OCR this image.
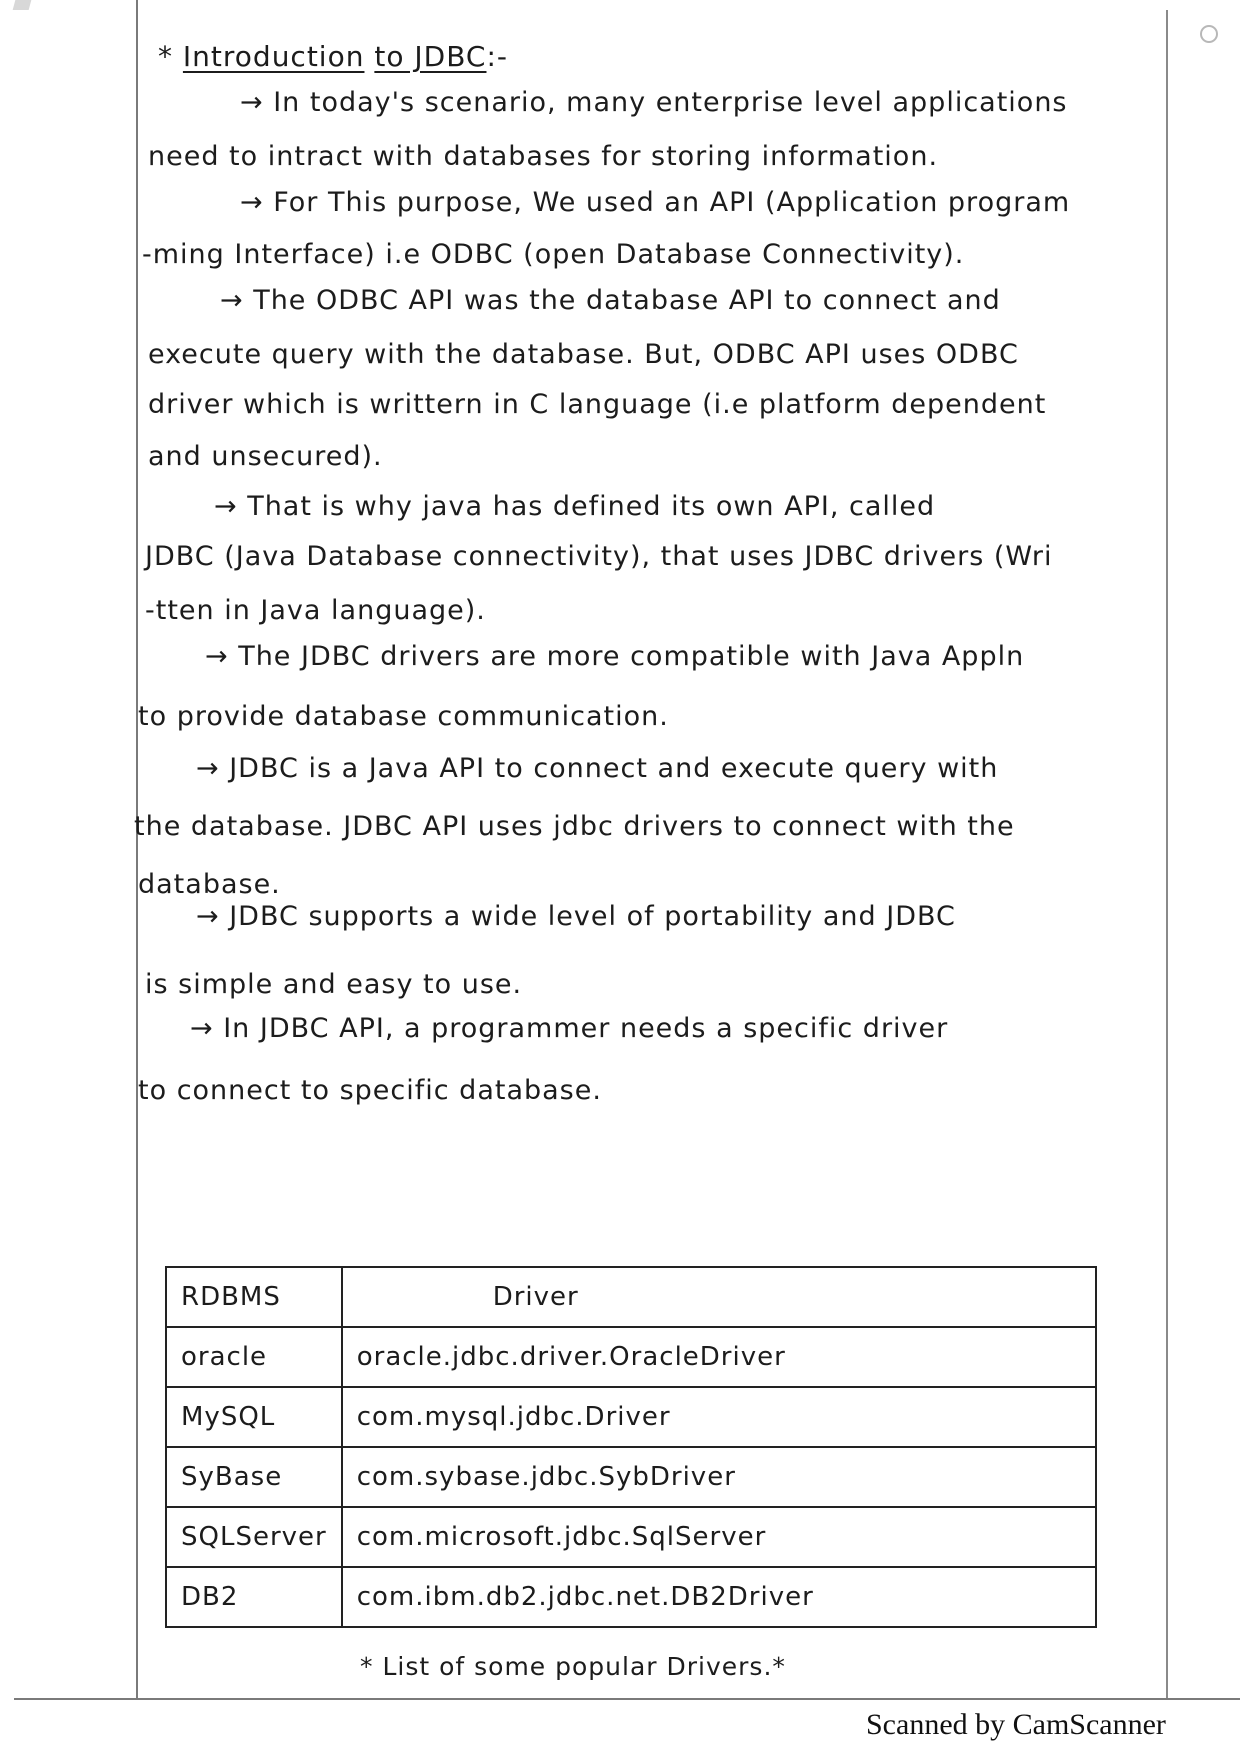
* Introduction to JDBC:-
→ In today's scenario, many enterprise level applications
need to intract with databases for storing information.
→ For This purpose, We used an API (Application program
-ming Interface) i.e ODBC (open Database Connectivity).
→ The ODBC API was the database API to connect and
execute query with the database. But, ODBC API uses ODBC
driver which is writtern in C language (i.e platform dependent
and unsecured).
→ That is why java has defined its own API, called
JDBC (Java Database connectivity), that uses JDBC drivers (Wri
-tten in Java language).
→ The JDBC drivers are more compatible with Java Appln
to provide database communication.
→ JDBC is a Java API to connect and execute query with
the database. JDBC API uses jdbc drivers to connect with the
database.
→ JDBC supports a wide level of portability and JDBC
is simple and easy to use.
→ In JDBC API, a programmer needs a specific driver
to connect to specific database.
RDBMS	Driver
oracle	oracle.jdbc.driver.OracleDriver
MySQL	com.mysql.jdbc.Driver
SyBase	com.sybase.jdbc.SybDriver
SQLServer	com.microsoft.jdbc.SqlServer
DB2	com.ibm.db2.jdbc.net.DB2Driver
* List of some popular Drivers.*
Scanned by CamScanner
